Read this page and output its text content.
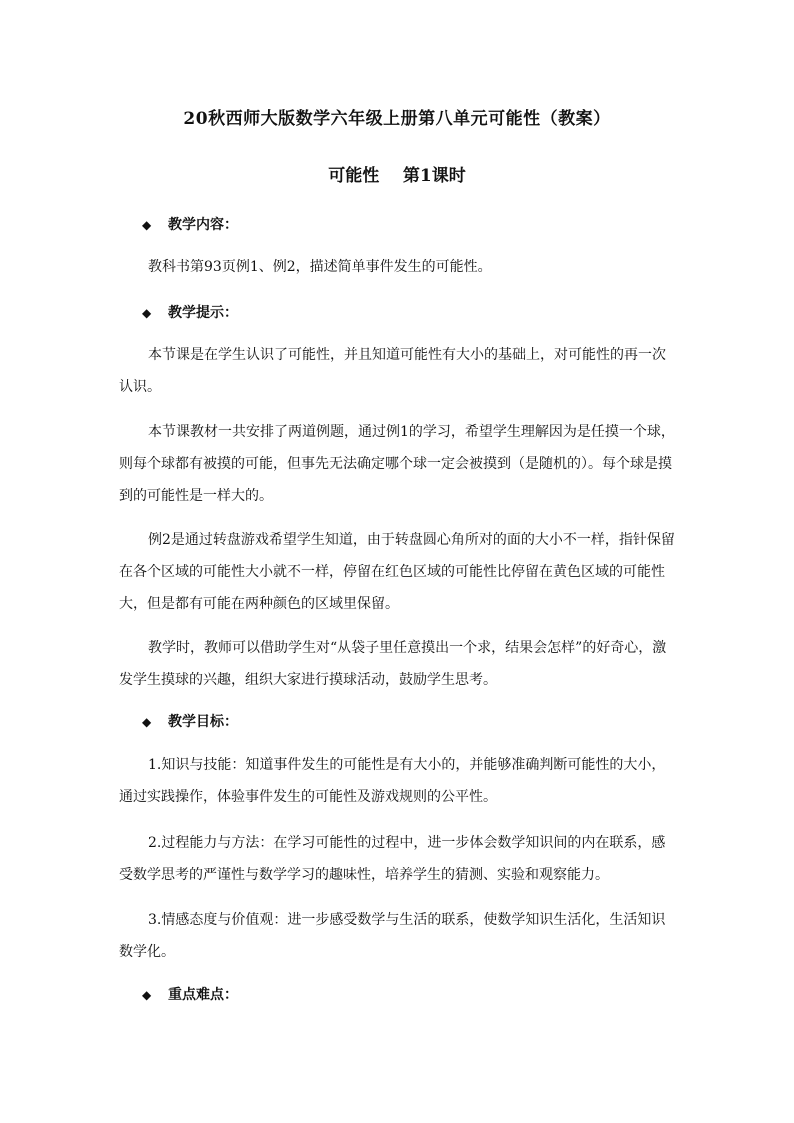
20秋西师大版数学六年级上册第八单元可能性（教案）
可能性    第1课时
◆ 教学内容：

教科书第93页例1、例2，描述简单事件发生的可能性。

◆ 教学提示：

本节课是在学生认识了可能性，并且知道可能性有大小的基础上，对可能性的再一次认识。

本节课教材一共安排了两道例题，通过例1的学习，希望学生理解因为是任摸一个球，则每个球都有被摸的可能，但事先无法确定哪个球一定会被摸到（是随机的）。每个球是摸到的可能性是一样大的。

例2是通过转盘游戏希望学生知道，由于转盘圆心角所对的面的大小不一样，指针保留在各个区域的可能性大小就不一样，停留在红色区域的可能性比停留在黄色区域的可能性大，但是都有可能在两种颜色的区域里保留。

教学时，教师可以借助学生对“从袋子里任意摸出一个求，结果会怎样”的好奇心，激发学生摸球的兴趣，组织大家进行摸球活动，鼓励学生思考。

◆ 教学目标：

1.知识与技能：知道事件发生的可能性是有大小的，并能够准确判断可能性的大小，通过实践操作，体验事件发生的可能性及游戏规则的公平性。

2.过程能力与方法：在学习可能性的过程中，进一步体会数学知识间的内在联系，感受数学思考的严谨性与数学学习的趣味性，培养学生的猜测、实验和观察能力。

3.情感态度与价值观：进一步感受数学与生活的联系，使数学知识生活化，生活知识数学化。

◆ 重点难点：
